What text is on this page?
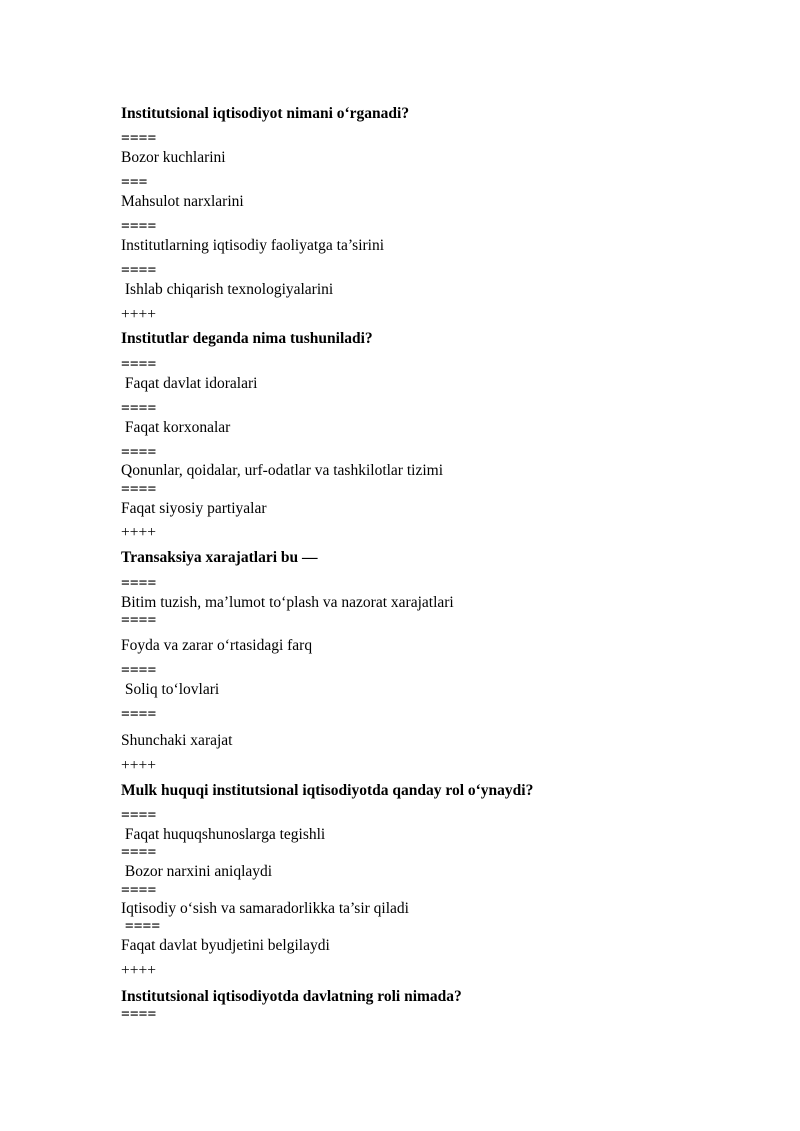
Institutsional iqtisodiyot nimani o‘rganadi?
====
Bozor kuchlarini
===
Mahsulot narxlarini
====
Institutlarning iqtisodiy faoliyatga ta’sirini
====
Ishlab chiqarish texnologiyalarini
++++
Institutlar deganda nima tushuniladi?
====
Faqat davlat idoralari
====
Faqat korxonalar
====
Qonunlar, qoidalar, urf-odatlar va tashkilotlar tizimi
====
Faqat siyosiy partiyalar
++++
Transaksiya xarajatlari bu —
====
Bitim tuzish, ma’lumot to‘plash va nazorat xarajatlari
====
Foyda va zarar o‘rtasidagi farq
====
Soliq to‘lovlari
====
Shunchaki xarajat
++++
Mulk huquqi institutsional iqtisodiyotda qanday rol o‘ynaydi?
====
Faqat huquqshunoslarga tegishli
====
Bozor narxini aniqlaydi
====
Iqtisodiy o‘sish va samaradorlikka ta’sir qiladi
====
Faqat davlat byudjetini belgilaydi
++++
Institutsional iqtisodiyotda davlatning roli nimada?
====
